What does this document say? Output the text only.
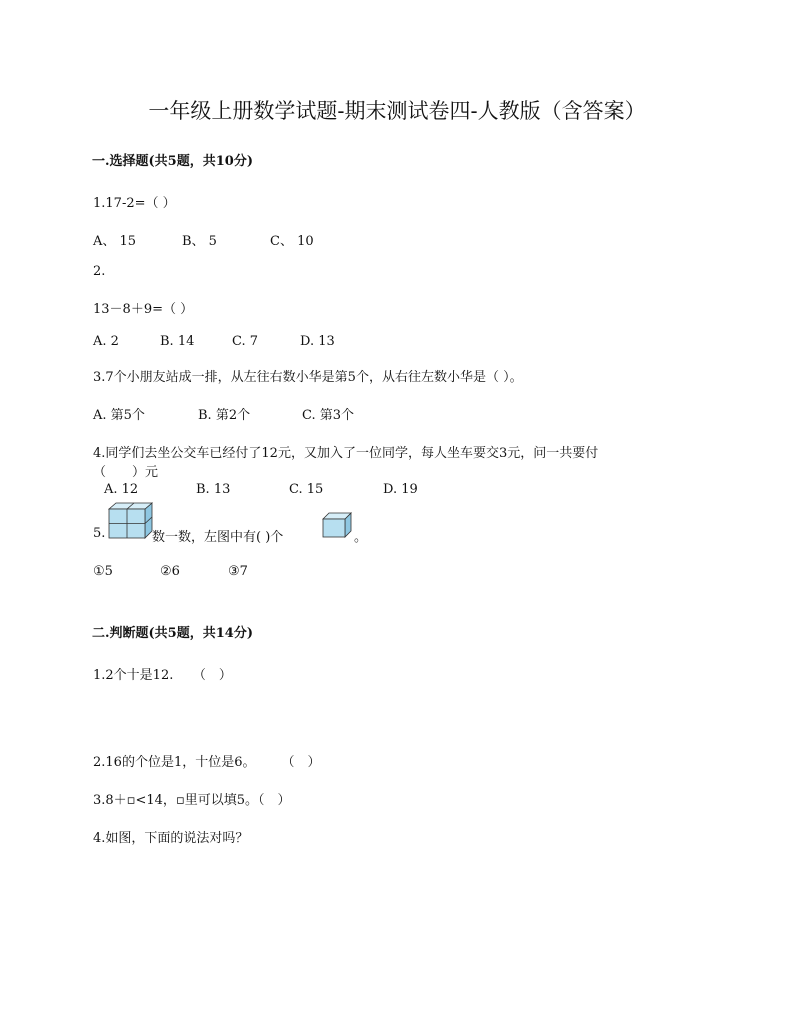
一年级上册数学试题-期末测试卷四-人教版（含答案）
一.选择题(共5题，共10分)
1.17-2=（ ）
A、 15	B、 5	C、 10
2.
13－8＋9=（ ）
A. 2	B. 14	C. 7	D. 13
3.7个小朋友站成一排，从左往右数小华是第5个，从右往左数小华是（ ）。
A. 第5个	B. 第2个	C. 第3个
4.同学们去坐公交车已经付了12元，又加入了一位同学，每人坐车要交3元，问一共要付
（　　）元
A. 12	B. 13	C. 15	D. 19
5.	数一数，左图中有( )个	。
①5	②6	③7
二.判断题(共5题，共14分)
1.2个十是12.　　（　）
2.16的个位是1，十位是6。　　　（　）
3.8＋▫<14，▫里可以填5。（　）
4.如图，下面的说法对吗？
